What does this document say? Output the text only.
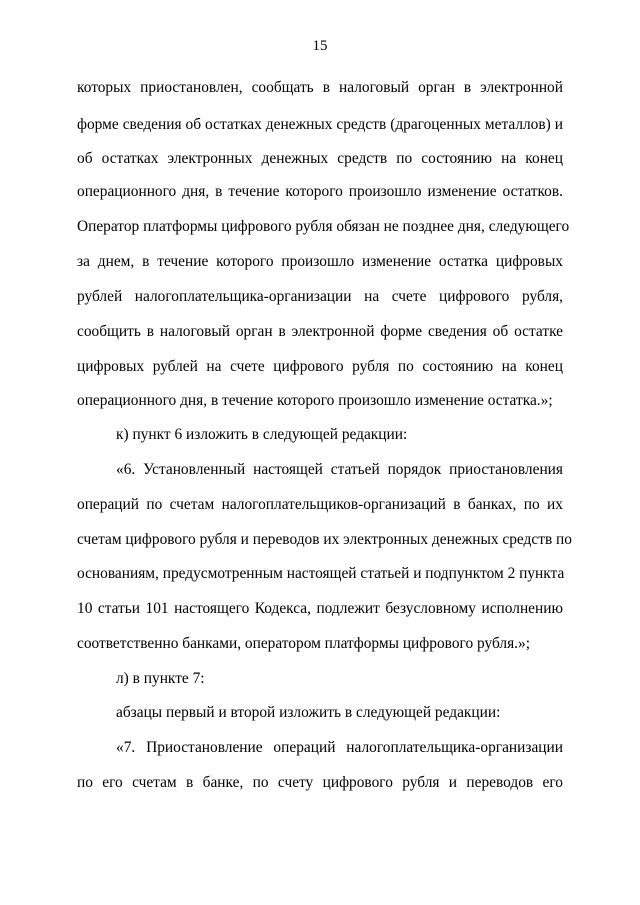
15
которых приостановлен, сообщать в налоговый орган в электронной
форме сведения об остатках денежных средств (драгоценных металлов) и
об остатках электронных денежных средств по состоянию на конец
операционного дня, в течение которого произошло изменение остатков.
Оператор платформы цифрового рубля обязан не позднее дня, следующего
за днем, в течение которого произошло изменение остатка цифровых
рублей налогоплательщика-организации на счете цифрового рубля,
сообщить в налоговый орган в электронной форме сведения об остатке
цифровых рублей на счете цифрового рубля по состоянию на конец
операционного дня, в течение которого произошло изменение остатка.»;
к) пункт 6 изложить в следующей редакции:
«6. Установленный настоящей статьей порядок приостановления
операций по счетам налогоплательщиков-организаций в банках, по их
счетам цифрового рубля и переводов их электронных денежных средств по
основаниям, предусмотренным настоящей статьей и подпунктом 2 пункта
10 статьи 101 настоящего Кодекса, подлежит безусловному исполнению
соответственно банками, оператором платформы цифрового рубля.»;
л) в пункте 7:
абзацы первый и второй изложить в следующей редакции:
«7. Приостановление операций налогоплательщика-организации
по его счетам в банке, по счету цифрового рубля и переводов его
